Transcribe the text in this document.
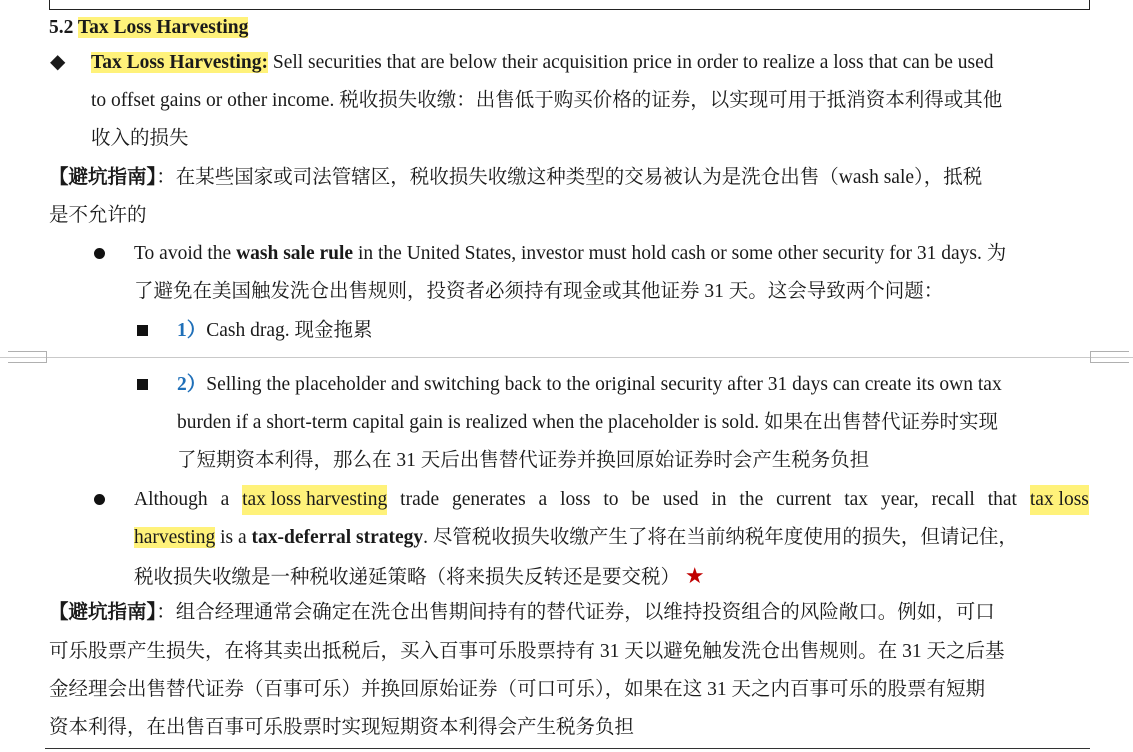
5.2 Tax Loss Harvesting
◆ Tax Loss Harvesting: Sell securities that are below their acquisition price in order to realize a loss that can be used
to offset gains or other income. 税收损失收缴：出售低于购买价格的证券，以实现可用于抵消资本利得或其他
收入的损失
【避坑指南】：在某些国家或司法管辖区，税收损失收缴这种类型的交易被认为是洗仓出售（wash sale），抵税
是不允许的
To avoid the wash sale rule in the United States, investor must hold cash or some other security for 31 days. 为
了避免在美国触发洗仓出售规则，投资者必须持有现金或其他证券 31 天。这会导致两个问题：
1）Cash drag. 现金拖累
2）Selling the placeholder and switching back to the original security after 31 days can create its own tax
burden if a short-term capital gain is realized when the placeholder is sold. 如果在出售替代证券时实现
了短期资本利得，那么在 31 天后出售替代证券并换回原始证券时会产生税务负担
Although a tax loss harvesting trade generates a loss to be used in the current tax year, recall that tax loss
harvesting is a tax-deferral strategy. 尽管税收损失收缴产生了将在当前纳税年度使用的损失，但请记住，
税收损失收缴是一种税收递延策略（将来损失反转还是要交税） ★
【避坑指南】：组合经理通常会确定在洗仓出售期间持有的替代证券，以维持投资组合的风险敞口。例如，可口
可乐股票产生损失，在将其卖出抵税后，买入百事可乐股票持有 31 天以避免触发洗仓出售规则。在 31 天之后基
金经理会出售替代证券（百事可乐）并换回原始证券（可口可乐），如果在这 31 天之内百事可乐的股票有短期
资本利得，在出售百事可乐股票时实现短期资本利得会产生税务负担
